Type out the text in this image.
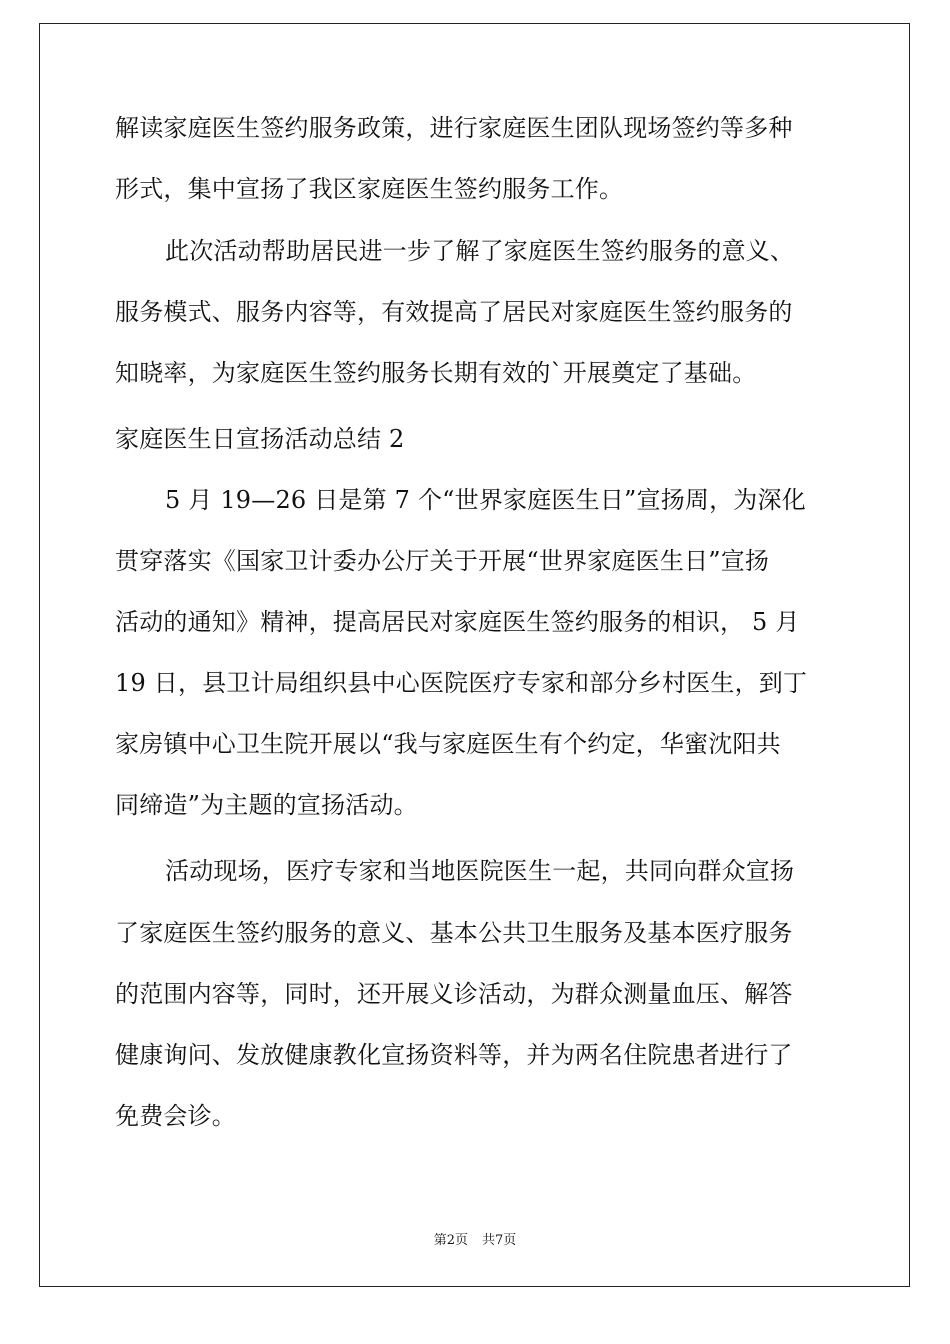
解读家庭医生签约服务政策，进行家庭医生团队现场签约等多种
形式，集中宣扬了我区家庭医生签约服务工作。
此次活动帮助居民进一步了解了家庭医生签约服务的意义、
服务模式、服务内容等，有效提高了居民对家庭医生签约服务的
知晓率，为家庭医生签约服务长期有效的`开展奠定了基础。
家庭医生日宣扬活动总结 2
5 月 19—26 日是第 7 个“世界家庭医生日”宣扬周，为深化
贯穿落实《国家卫计委办公厅关于开展“世界家庭医生日”宣扬
活动的通知》精神，提高居民对家庭医生签约服务的相识， 5 月
19 日，县卫计局组织县中心医院医疗专家和部分乡村医生，到丁
家房镇中心卫生院开展以“我与家庭医生有个约定，华蜜沈阳共
同缔造”为主题的宣扬活动。
活动现场，医疗专家和当地医院医生一起，共同向群众宣扬
了家庭医生签约服务的意义、基本公共卫生服务及基本医疗服务
的范围内容等，同时，还开展义诊活动，为群众测量血压、解答
健康询问、发放健康教化宣扬资料等，并为两名住院患者进行了
免费会诊。
第2页 共7页
